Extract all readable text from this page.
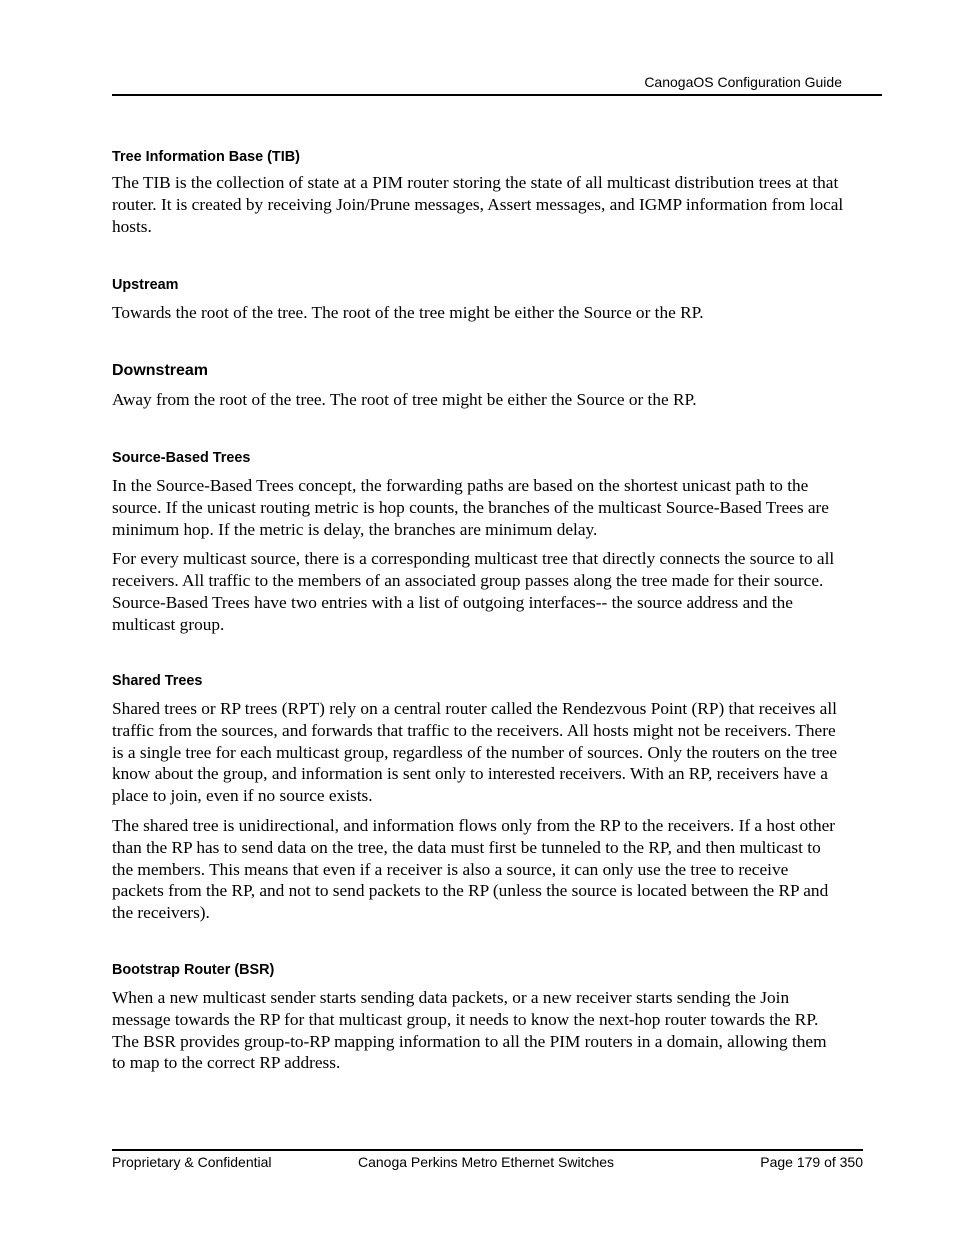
CanogaOS Configuration Guide
Tree Information Base (TIB)

The TIB is the collection of state at a PIM router storing the state of all multicast distribution trees at that router. It is created by receiving Join/Prune messages, Assert messages, and IGMP information from local hosts.

Upstream

Towards the root of the tree. The root of the tree might be either the Source or the RP.

Downstream

Away from the root of the tree. The root of tree might be either the Source or the RP.

Source-Based Trees

In the Source-Based Trees concept, the forwarding paths are based on the shortest unicast path to the source. If the unicast routing metric is hop counts, the branches of the multicast Source-Based Trees are minimum hop. If the metric is delay, the branches are minimum delay.

For every multicast source, there is a corresponding multicast tree that directly connects the source to all receivers. All traffic to the members of an associated group passes along the tree made for their source. Source-Based Trees have two entries with a list of outgoing interfaces-- the source address and the multicast group.

Shared Trees

Shared trees or RP trees (RPT) rely on a central router called the Rendezvous Point (RP) that receives all traffic from the sources, and forwards that traffic to the receivers. All hosts might not be receivers. There is a single tree for each multicast group, regardless of the number of sources. Only the routers on the tree know about the group, and information is sent only to interested receivers. With an RP, receivers have a place to join, even if no source exists.

The shared tree is unidirectional, and information flows only from the RP to the receivers. If a host other than the RP has to send data on the tree, the data must first be tunneled to the RP, and then multicast to the members. This means that even if a receiver is also a source, it can only use the tree to receive packets from the RP, and not to send packets to the RP (unless the source is located between the RP and the receivers).

Bootstrap Router (BSR)

When a new multicast sender starts sending data packets, or a new receiver starts sending the Join message towards the RP for that multicast group, it needs to know the next-hop router towards the RP. The BSR provides group-to-RP mapping information to all the PIM routers in a domain, allowing them to map to the correct RP address.

Proprietary & Confidential	Canoga Perkins Metro Ethernet Switches	Page 179 of 350
